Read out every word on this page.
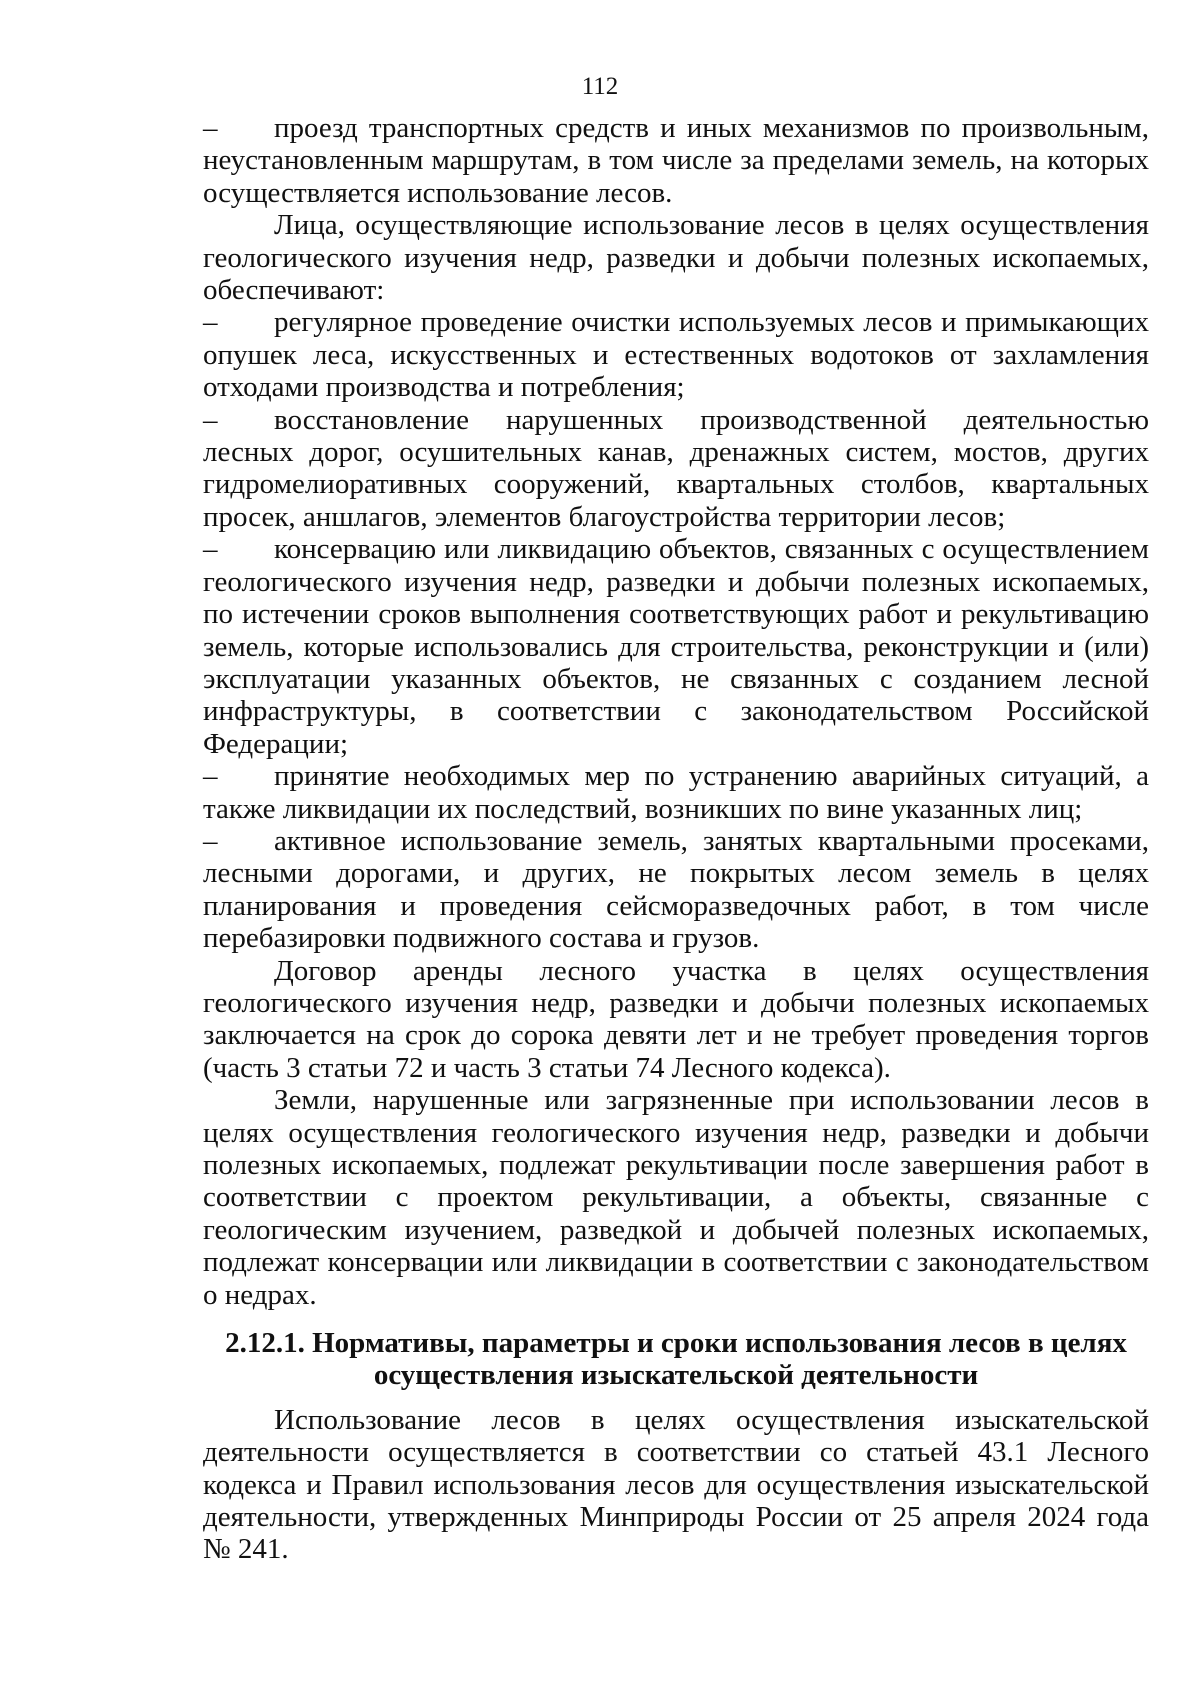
112

– проезд транспортных средств и иных механизмов по произвольным, неустановленным маршрутам, в том числе за пределами земель, на которых осуществляется использование лесов.

Лица, осуществляющие использование лесов в целях осуществления геологического изучения недр, разведки и добычи полезных ископаемых, обеспечивают:

– регулярное проведение очистки используемых лесов и примыкающих опушек леса, искусственных и естественных водотоков от захламления отходами производства и потребления;

– восстановление нарушенных производственной деятельностью лесных дорог, осушительных канав, дренажных систем, мостов, других гидромелиоративных сооружений, квартальных столбов, квартальных просек, аншлагов, элементов благоустройства территории лесов;

– консервацию или ликвидацию объектов, связанных с осуществлением геологического изучения недр, разведки и добычи полезных ископаемых, по истечении сроков выполнения соответствующих работ и рекультивацию земель, которые использовались для строительства, реконструкции и (или) эксплуатации указанных объектов, не связанных с созданием лесной инфраструктуры, в соответствии с законодательством Российской Федерации;

– принятие необходимых мер по устранению аварийных ситуаций, а также ликвидации их последствий, возникших по вине указанных лиц;

– активное использование земель, занятых квартальными просеками, лесными дорогами, и других, не покрытых лесом земель в целях планирования и проведения сейсморазведочных работ, в том числе перебазировки подвижного состава и грузов.

Договор аренды лесного участка в целях осуществления геологического изучения недр, разведки и добычи полезных ископаемых заключается на срок до сорока девяти лет и не требует проведения торгов (часть 3 статьи 72 и часть 3 статьи 74 Лесного кодекса).

Земли, нарушенные или загрязненные при использовании лесов в целях осуществления геологического изучения недр, разведки и добычи полезных ископаемых, подлежат рекультивации после завершения работ в соответствии с проектом рекультивации, а объекты, связанные с геологическим изучением, разведкой и добычей полезных ископаемых, подлежат консервации или ликвидации в соответствии с законодательством о недрах.

2.12.1. Нормативы, параметры и сроки использования лесов в целях
осуществления изыскательской деятельности

Использование лесов в целях осуществления изыскательской деятельности осуществляется в соответствии со статьей 43.1 Лесного кодекса и Правил использования лесов для осуществления изыскательской деятельности, утвержденных Минприроды России от 25 апреля 2024 года № 241.
